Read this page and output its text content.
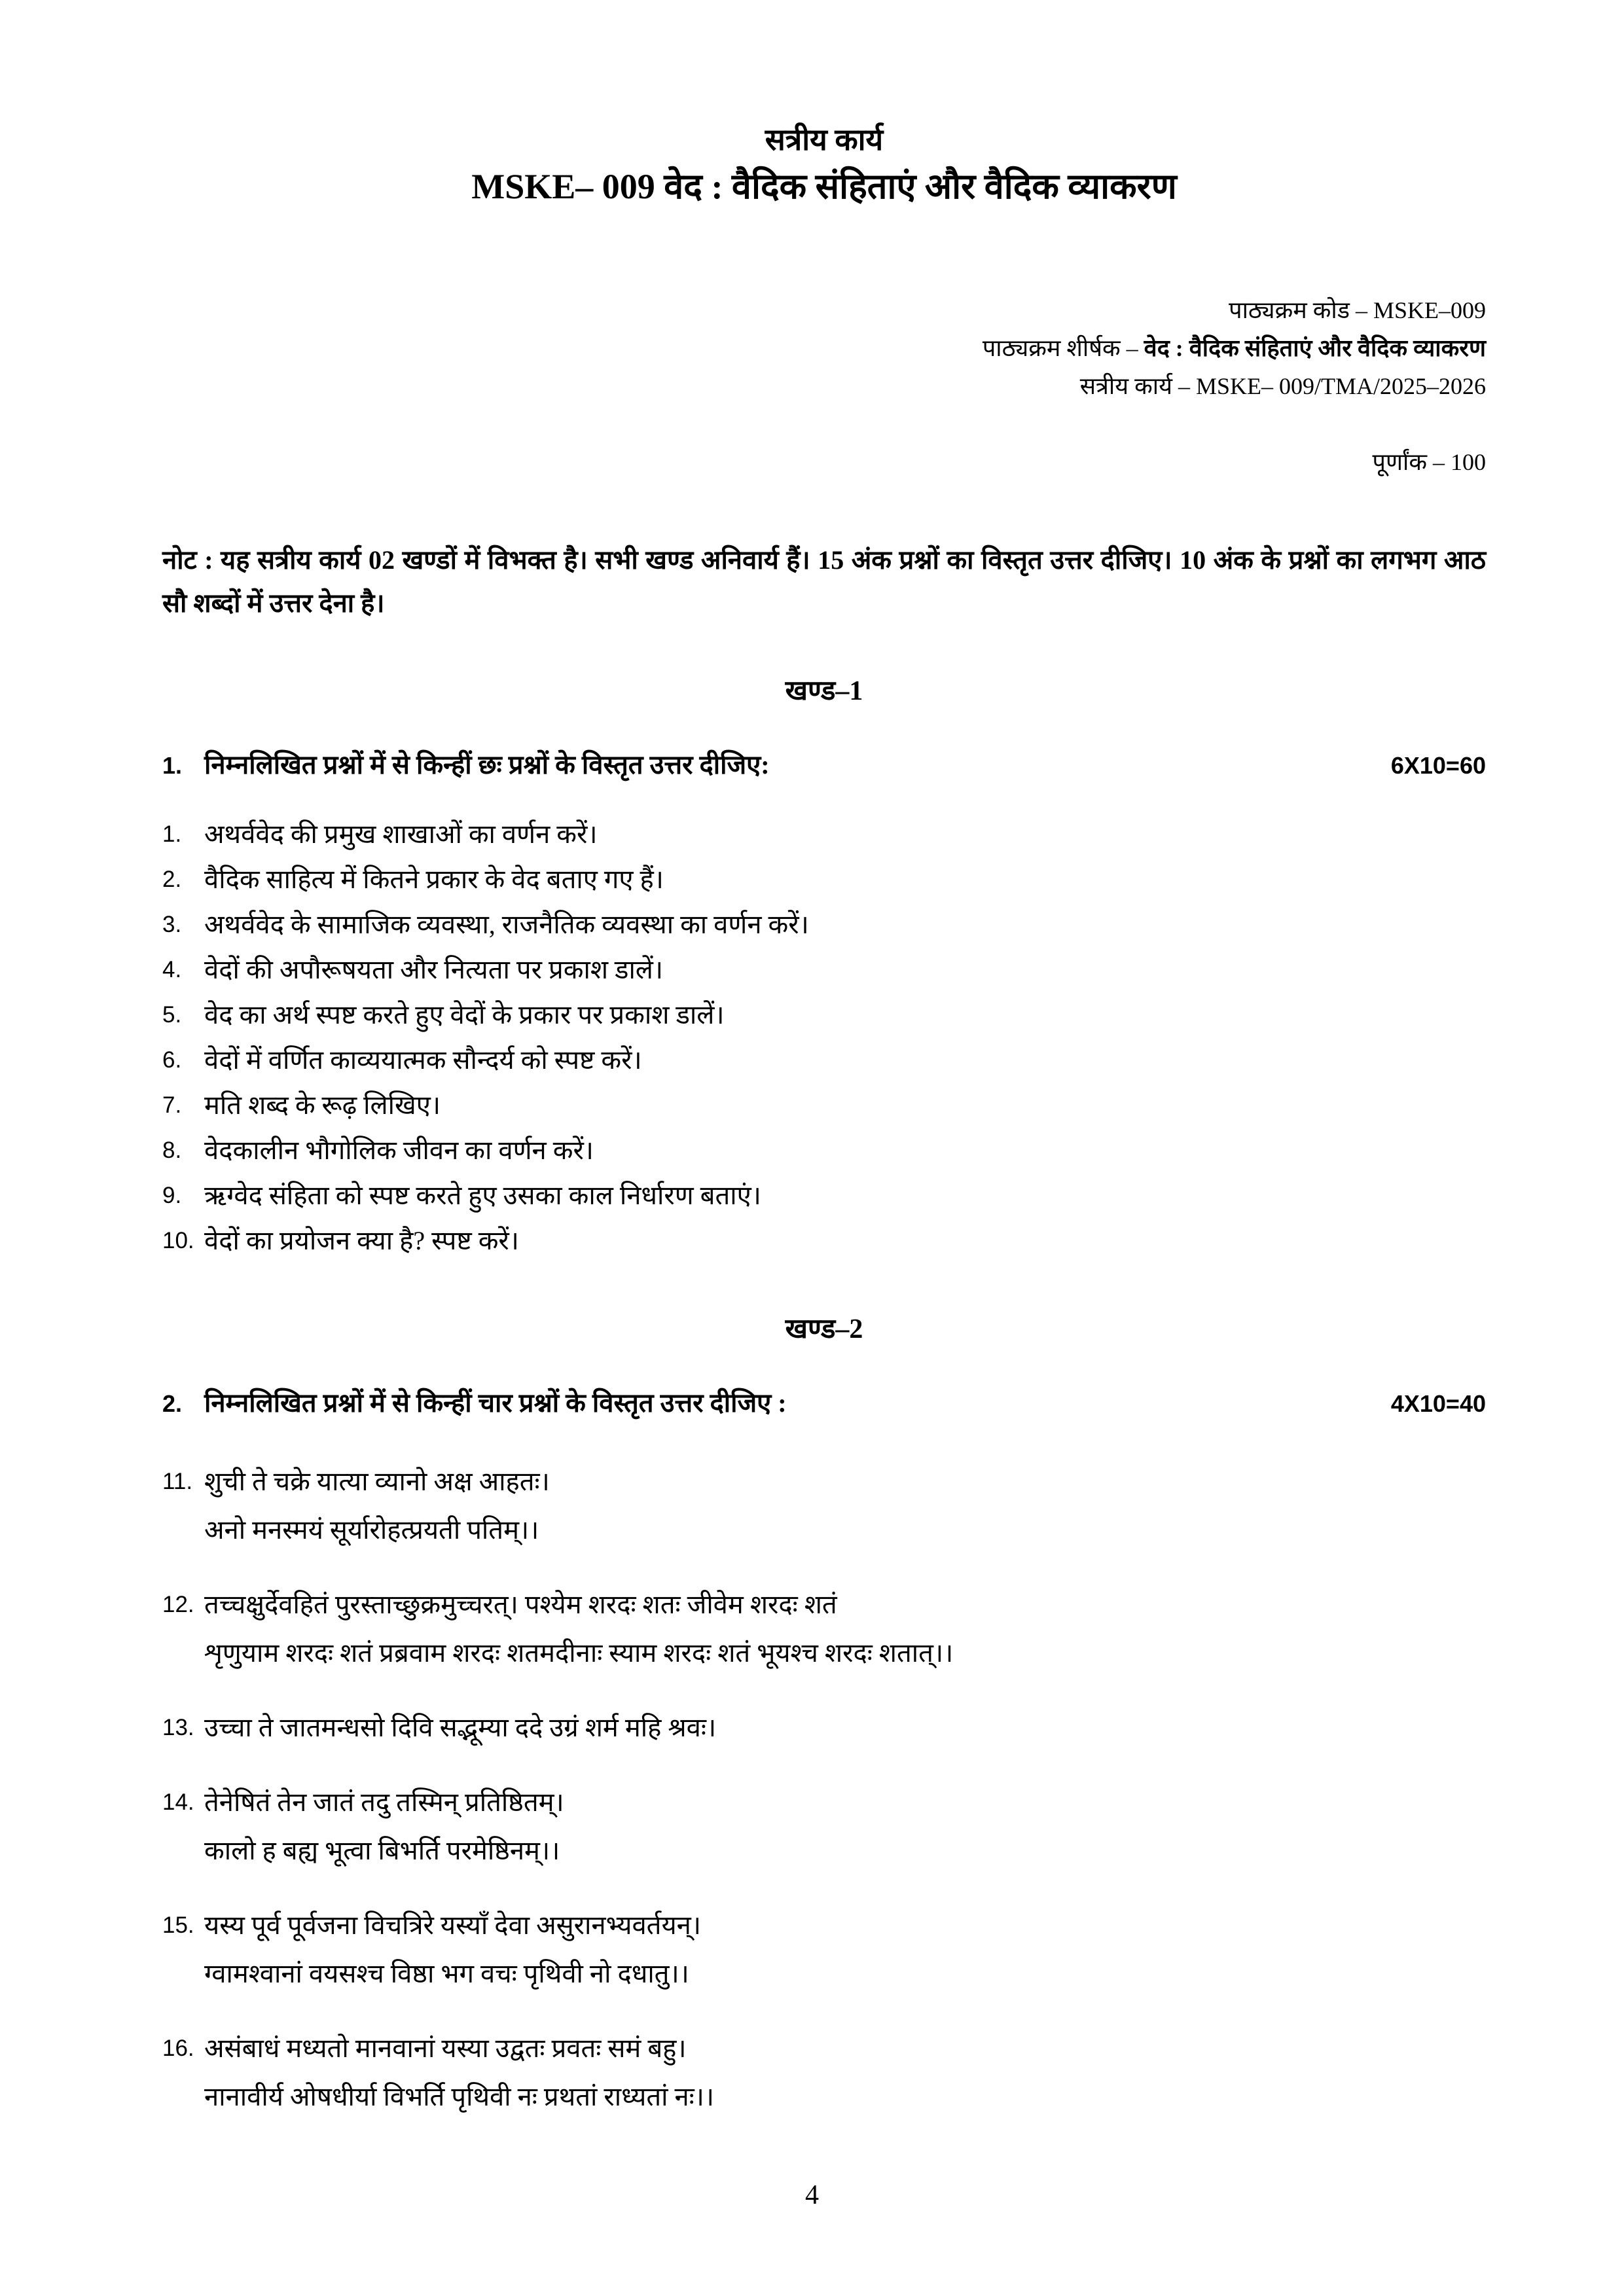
सत्रीय कार्य
MSKE– 009 वेद : वैदिक संहिताएं और वैदिक व्याकरण
पाठ्यक्रम कोड – MSKE–009
पाठ्यक्रम शीर्षक – वेद : वैदिक संहिताएं और वैदिक व्याकरण
सत्रीय कार्य – MSKE– 009/TMA/2025–2026
पूर्णांक – 100
नोट : यह सत्रीय कार्य 02 खण्डों में विभक्त है। सभी खण्ड अनिवार्य हैं। 15 अंक प्रश्नों का विस्तृत उत्तर दीजिए। 10 अंक के प्रश्नों का लगभग आठ सौ शब्दों में उत्तर देना है।
खण्ड–1
1. निम्नलिखित प्रश्नों में से किन्हीं छः प्रश्नों के विस्तृत उत्तर दीजिए:	6X10=60
1. अथर्ववेद की प्रमुख शाखाओं का वर्णन करें।
2. वैदिक साहित्य में कितने प्रकार के वेद बताए गए हैं।
3. अथर्ववेद के सामाजिक व्यवस्था, राजनैतिक व्यवस्था का वर्णन करें।
4. वेदों की अपौरूषयता और नित्यता पर प्रकाश डालें।
5. वेद का अर्थ स्पष्ट करते हुए वेदों के प्रकार पर प्रकाश डालें।
6. वेदों में वर्णित काव्ययात्मक सौन्दर्य को स्पष्ट करें।
7. मति शब्द के रूढ़ लिखिए।
8. वेदकालीन भौगोलिक जीवन का वर्णन करें।
9. ऋग्वेद संहिता को स्पष्ट करते हुए उसका काल निर्धारण बताएं।
10. वेदों का प्रयोजन क्या है? स्पष्ट करें।
खण्ड–2
2. निम्नलिखित प्रश्नों में से किन्हीं चार प्रश्नों के विस्तृत उत्तर दीजिए :	4X10=40
11. शुची ते चक्रे यात्या व्यानो अक्ष आहतः।
अनो मनस्मयं सूर्यारोहत्प्रयती पतिम्।।
12. तच्चक्षुर्देवहितं पुरस्ताच्छुक्रमुच्चरत्। पश्येम शरदः शतः जीवेम शरदः शतं
शृणुयाम शरदः शतं प्रब्रवाम शरदः शतमदीनाः स्याम शरदः शतं भूयश्च शरदः शतात्।।
13. उच्चा ते जातमन्धसो दिवि सद्भूम्या ददे उग्रं शर्म महि श्रवः।
14. तेनेषितं तेन जातं तदु तस्मिन् प्रतिष्ठितम्।
कालो ह बह्य भूत्वा बिभर्ति परमेष्ठिनम्।।
15. यस्य पूर्व पूर्वजना विचत्रिरे यस्याँ देवा असुरानभ्यवर्तयन्।
ग्वामश्वानां वयसश्च विष्ठा भग वचः पृथिवी नो दधातु।।
16. असंबाधं मध्यतो मानवानां यस्या उद्वतः प्रवतः समं बहु।
नानावीर्य ओषधीर्या विभर्ति पृथिवी नः प्रथतां राध्यतां नः।।
4
